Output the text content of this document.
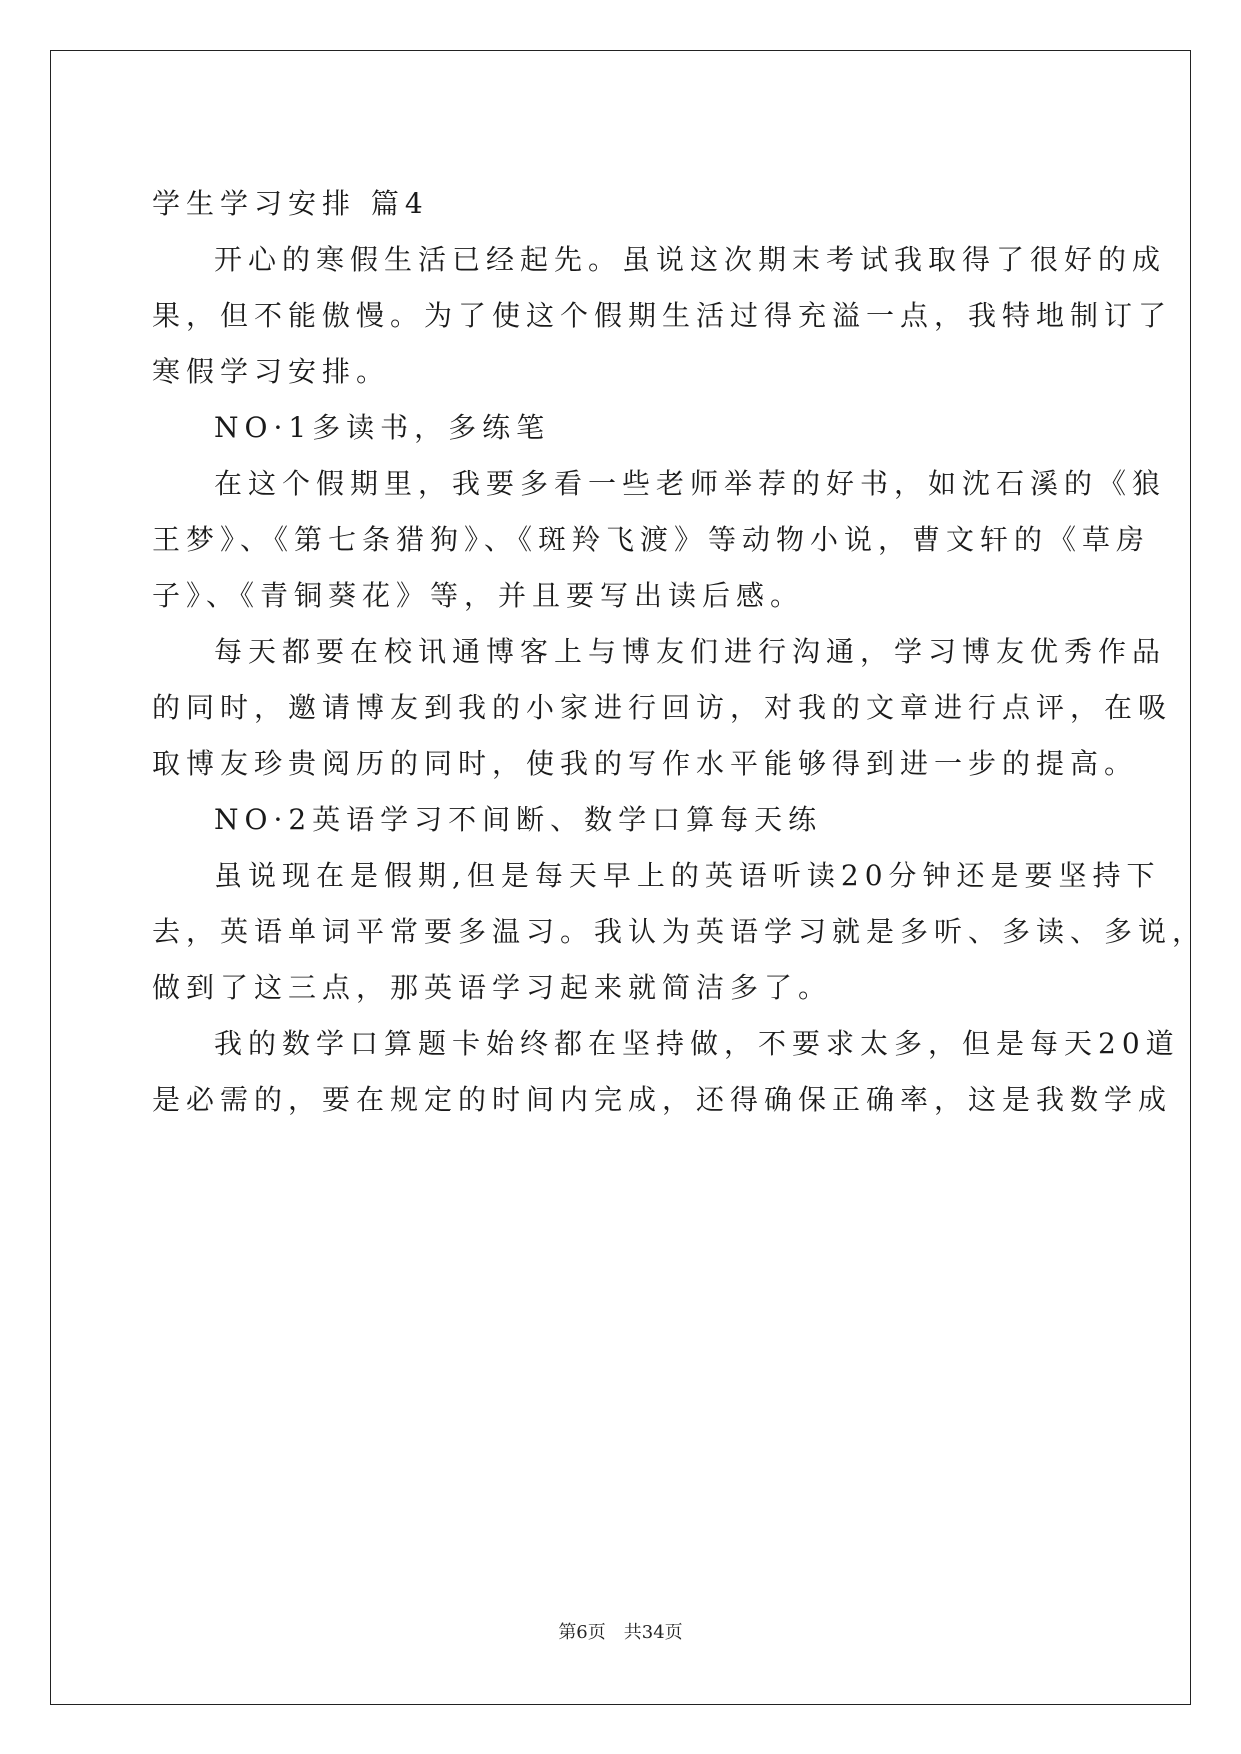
学生学习安排 篇4
开心的寒假生活已经起先。虽说这次期末考试我取得了很好的成
果，但不能傲慢。为了使这个假期生活过得充溢一点，我特地制订了
寒假学习安排。
NO·1多读书，多练笔
在这个假期里，我要多看一些老师举荐的好书，如沈石溪的《狼
王梦》、《第七条猎狗》、《斑羚飞渡》等动物小说，曹文轩的《草房
子》、《青铜葵花》等，并且要写出读后感。
每天都要在校讯通博客上与博友们进行沟通，学习博友优秀作品
的同时，邀请博友到我的小家进行回访，对我的文章进行点评，在吸
取博友珍贵阅历的同时，使我的写作水平能够得到进一步的提高。
NO·2英语学习不间断、数学口算每天练
虽说现在是假期,但是每天早上的英语听读20分钟还是要坚持下
去，英语单词平常要多温习。我认为英语学习就是多听、多读、多说，
做到了这三点，那英语学习起来就简洁多了。
我的数学口算题卡始终都在坚持做，不要求太多，但是每天20道
是必需的，要在规定的时间内完成，还得确保正确率，这是我数学成
第6页　共34页
